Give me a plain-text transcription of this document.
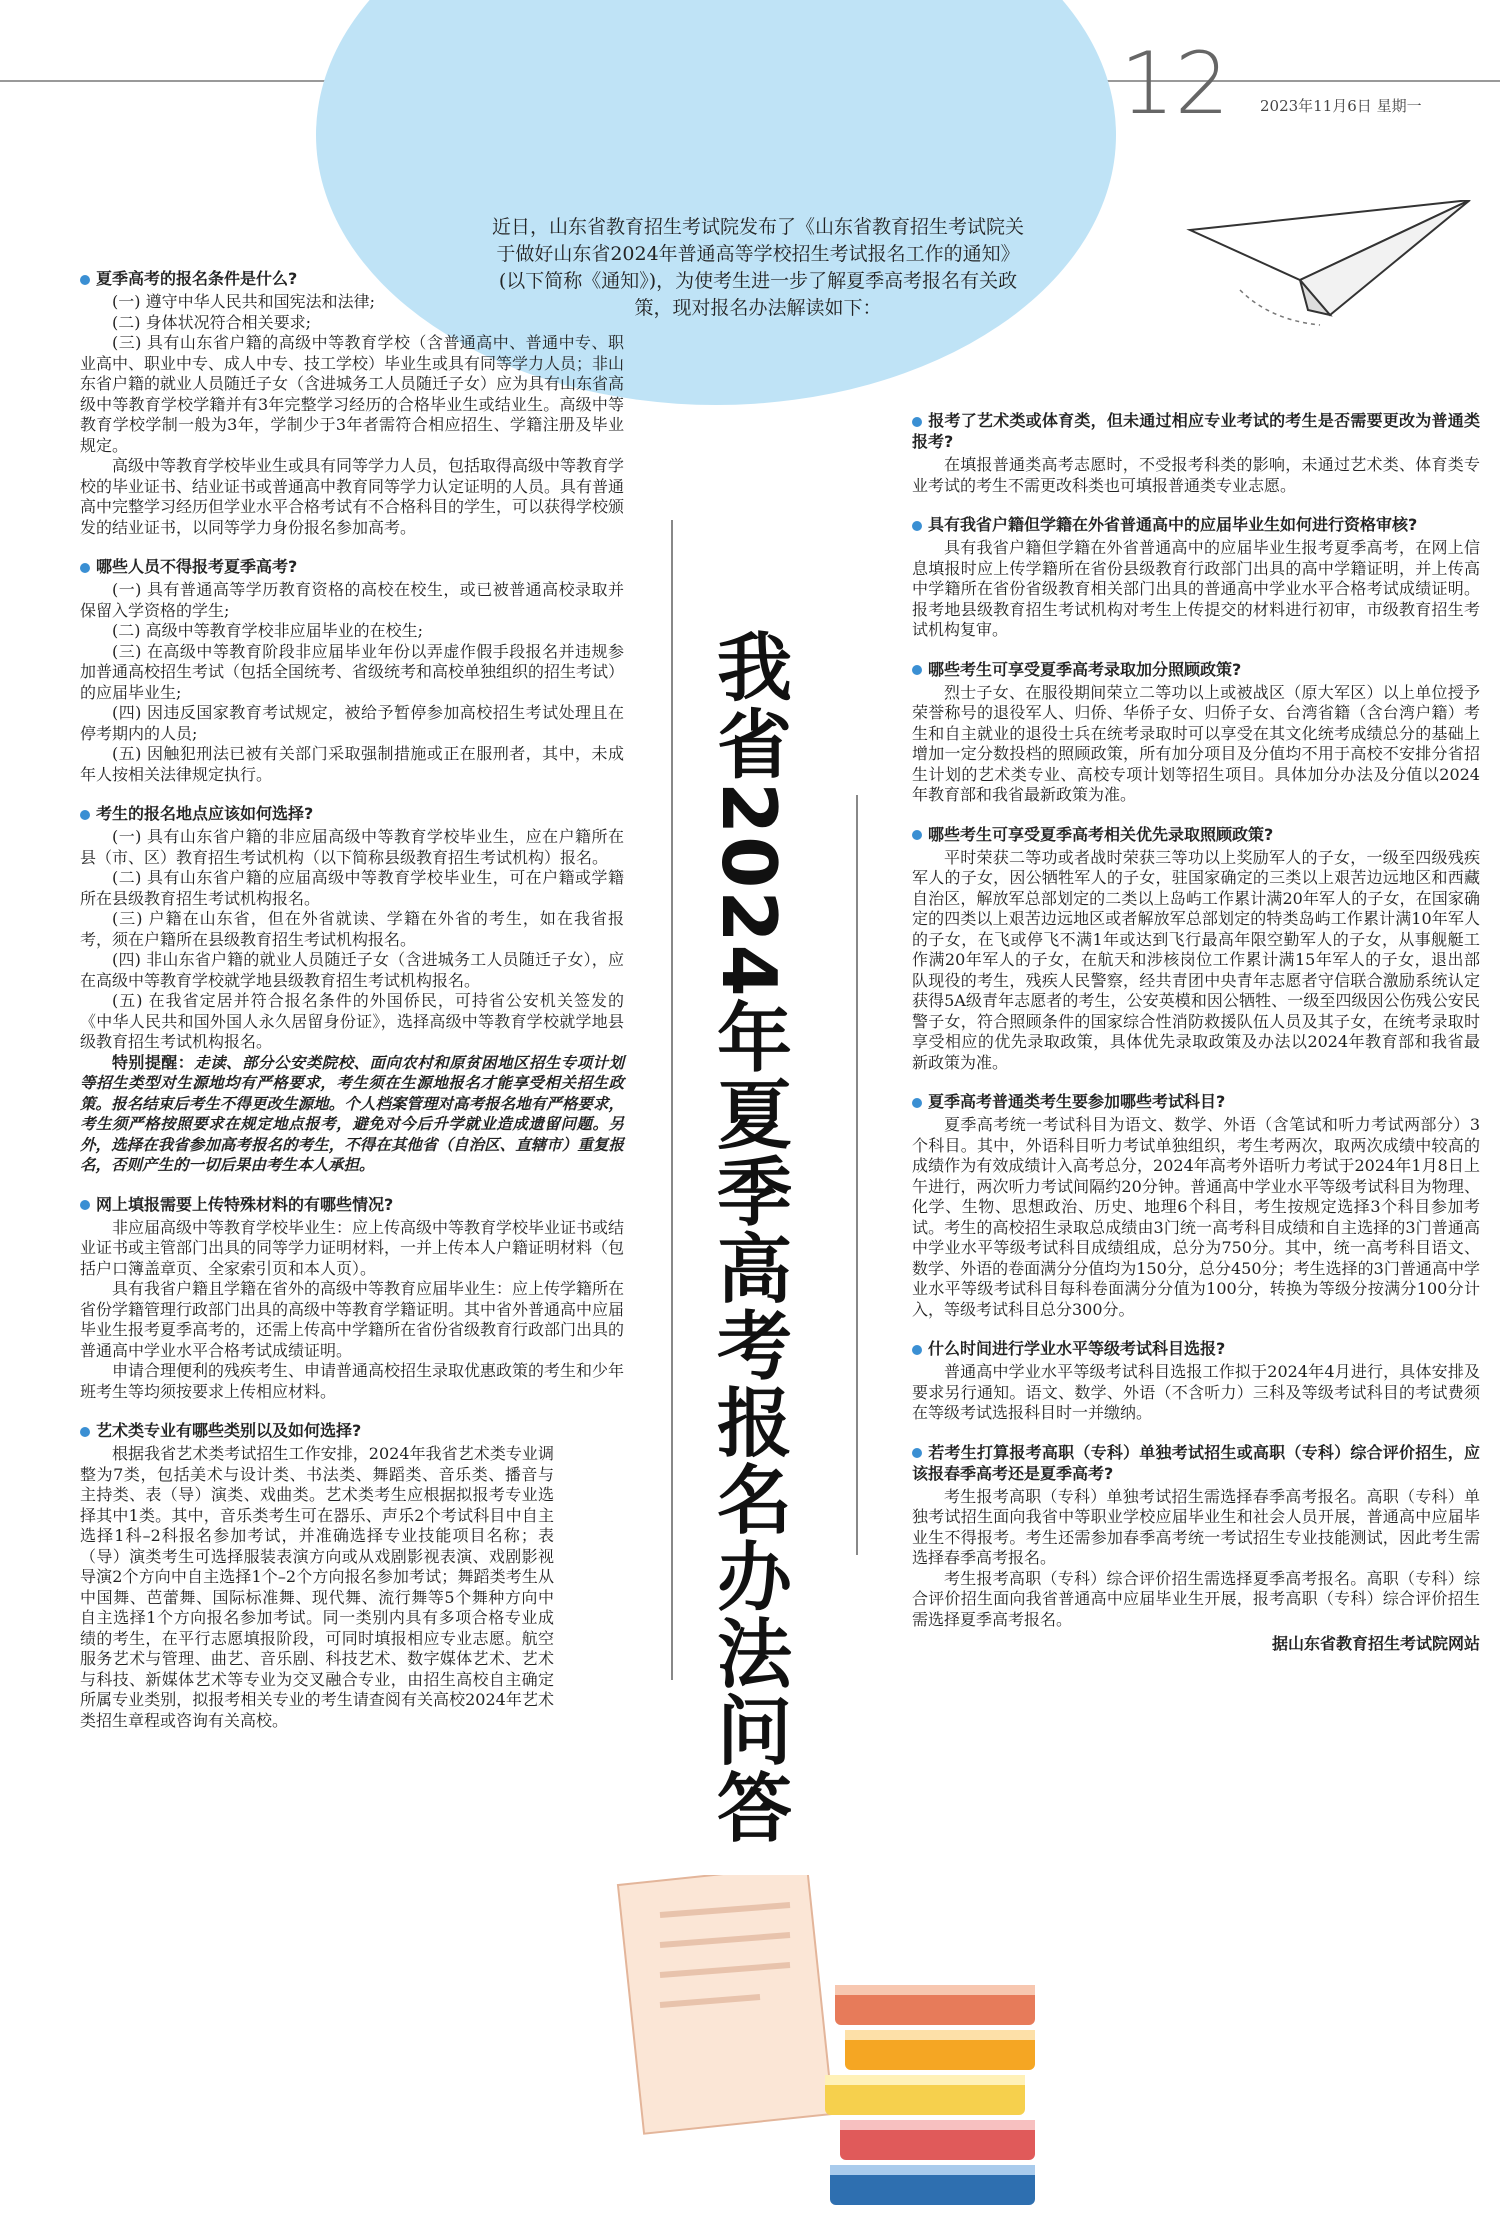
12 2023年11月6日 星期一
近日，山东省教育招生考试院发布了《山东省教育招生考试院关于做好山东省2024年普通高等学校招生考试报名工作的通知》(以下简称《通知》)，为使考生进一步了解夏季高考报名有关政策，现对报名办法解读如下：
我省2024年夏季高考报名办法问答
夏季高考的报名条件是什么?

(一) 遵守中华人民共和国宪法和法律;

(二) 身体状况符合相关要求;

(三) 具有山东省户籍的高级中等教育学校（含普通高中、普通中专、职业高中、职业中专、成人中专、技工学校）毕业生或具有同等学力人员；非山东省户籍的就业人员随迁子女（含进城务工人员随迁子女）应为具有山东省高级中等教育学校学籍并有3年完整学习经历的合格毕业生或结业生。高级中等教育学校学制一般为3年，学制少于3年者需符合相应招生、学籍注册及毕业规定。

高级中等教育学校毕业生或具有同等学力人员，包括取得高级中等教育学校的毕业证书、结业证书或普通高中教育同等学力认定证明的人员。具有普通高中完整学习经历但学业水平合格考试有不合格科目的学生，可以获得学校颁发的结业证书，以同等学力身份报名参加高考。

哪些人员不得报考夏季高考?

(一) 具有普通高等学历教育资格的高校在校生，或已被普通高校录取并保留入学资格的学生;

(二) 高级中等教育学校非应届毕业的在校生;

(三) 在高级中等教育阶段非应届毕业年份以弄虚作假手段报名并违规参加普通高校招生考试（包括全国统考、省级统考和高校单独组织的招生考试）的应届毕业生;

(四) 因违反国家教育考试规定，被给予暂停参加高校招生考试处理且在停考期内的人员;

(五) 因触犯刑法已被有关部门采取强制措施或正在服刑者，其中，未成年人按相关法律规定执行。

考生的报名地点应该如何选择?

(一) 具有山东省户籍的非应届高级中等教育学校毕业生，应在户籍所在县（市、区）教育招生考试机构（以下简称县级教育招生考试机构）报名。

(二) 具有山东省户籍的应届高级中等教育学校毕业生，可在户籍或学籍所在县级教育招生考试机构报名。

(三) 户籍在山东省，但在外省就读、学籍在外省的考生，如在我省报考，须在户籍所在县级教育招生考试机构报名。

(四) 非山东省户籍的就业人员随迁子女（含进城务工人员随迁子女），应在高级中等教育学校就学地县级教育招生考试机构报名。

(五) 在我省定居并符合报名条件的外国侨民，可持省公安机关签发的《中华人民共和国外国人永久居留身份证》，选择高级中等教育学校就学地县级教育招生考试机构报名。

特别提醒：走读、部分公安类院校、面向农村和原贫困地区招生专项计划等招生类型对生源地均有严格要求，考生须在生源地报名才能享受相关招生政策。报名结束后考生不得更改生源地。个人档案管理对高考报名地有严格要求，考生须严格按照要求在规定地点报考，避免对今后升学就业造成遗留问题。另外，选择在我省参加高考报名的考生，不得在其他省（自治区、直辖市）重复报名，否则产生的一切后果由考生本人承担。

网上填报需要上传特殊材料的有哪些情况?

非应届高级中等教育学校毕业生：应上传高级中等教育学校毕业证书或结业证书或主管部门出具的同等学力证明材料，一并上传本人户籍证明材料（包括户口簿盖章页、全家索引页和本人页）。

具有我省户籍且学籍在省外的高级中等教育应届毕业生：应上传学籍所在省份学籍管理行政部门出具的高级中等教育学籍证明。其中省外普通高中应届毕业生报考夏季高考的，还需上传高中学籍所在省份省级教育行政部门出具的普通高中学业水平合格考试成绩证明。

申请合理便利的残疾考生、申请普通高校招生录取优惠政策的考生和少年班考生等均须按要求上传相应材料。

艺术类专业有哪些类别以及如何选择?

根据我省艺术类考试招生工作安排，2024年我省艺术类专业调整为7类，包括美术与设计类、书法类、舞蹈类、音乐类、播音与主持类、表（导）演类、戏曲类。艺术类考生应根据拟报考专业选择其中1类。其中，音乐类考生可在器乐、声乐2个考试科目中自主选择1科–2科报名参加考试，并准确选择专业技能项目名称；表（导）演类考生可选择服装表演方向或从戏剧影视表演、戏剧影视导演2个方向中自主选择1个–2个方向报名参加考试；舞蹈类考生从中国舞、芭蕾舞、国际标准舞、现代舞、流行舞等5个舞种方向中自主选择1个方向报名参加考试。同一类别内具有多项合格专业成绩的考生，在平行志愿填报阶段，可同时填报相应专业志愿。航空服务艺术与管理、曲艺、音乐剧、科技艺术、数字媒体艺术、艺术与科技、新媒体艺术等专业为交叉融合专业，由招生高校自主确定所属专业类别，拟报考相关专业的考生请查阅有关高校2024年艺术类招生章程或咨询有关高校。

报考了艺术类或体育类，但未通过相应专业考试的考生是否需要更改为普通类报考?

在填报普通类高考志愿时，不受报考科类的影响，未通过艺术类、体育类专业考试的考生不需更改科类也可填报普通类专业志愿。

具有我省户籍但学籍在外省普通高中的应届毕业生如何进行资格审核?

具有我省户籍但学籍在外省普通高中的应届毕业生报考夏季高考，在网上信息填报时应上传学籍所在省份县级教育行政部门出具的高中学籍证明，并上传高中学籍所在省份省级教育相关部门出具的普通高中学业水平合格考试成绩证明。报考地县级教育招生考试机构对考生上传提交的材料进行初审，市级教育招生考试机构复审。

哪些考生可享受夏季高考录取加分照顾政策?

烈士子女、在服役期间荣立二等功以上或被战区（原大军区）以上单位授予荣誉称号的退役军人、归侨、华侨子女、归侨子女、台湾省籍（含台湾户籍）考生和自主就业的退役士兵在统考录取时可以享受在其文化统考成绩总分的基础上增加一定分数投档的照顾政策，所有加分项目及分值均不用于高校不安排分省招生计划的艺术类专业、高校专项计划等招生项目。具体加分办法及分值以2024年教育部和我省最新政策为准。

哪些考生可享受夏季高考相关优先录取照顾政策?

平时荣获二等功或者战时荣获三等功以上奖励军人的子女，一级至四级残疾军人的子女，因公牺牲军人的子女，驻国家确定的三类以上艰苦边远地区和西藏自治区，解放军总部划定的二类以上岛屿工作累计满20年军人的子女，在国家确定的四类以上艰苦边远地区或者解放军总部划定的特类岛屿工作累计满10年军人的子女，在飞或停飞不满1年或达到飞行最高年限空勤军人的子女，从事舰艇工作满20年军人的子女，在航天和涉核岗位工作累计满15年军人的子女，退出部队现役的考生，残疾人民警察，经共青团中央青年志愿者守信联合激励系统认定获得5A级青年志愿者的考生，公安英模和因公牺牲、一级至四级因公伤残公安民警子女，符合照顾条件的国家综合性消防救援队伍人员及其子女，在统考录取时享受相应的优先录取政策，具体优先录取政策及办法以2024年教育部和我省最新政策为准。

夏季高考普通类考生要参加哪些考试科目?

夏季高考统一考试科目为语文、数学、外语（含笔试和听力考试两部分）3个科目。其中，外语科目听力考试单独组织，考生考两次，取两次成绩中较高的成绩作为有效成绩计入高考总分，2024年高考外语听力考试于2024年1月8日上午进行，两次听力考试间隔约20分钟。普通高中学业水平等级考试科目为物理、化学、生物、思想政治、历史、地理6个科目，考生按规定选择3个科目参加考试。考生的高校招生录取总成绩由3门统一高考科目成绩和自主选择的3门普通高中学业水平等级考试科目成绩组成，总分为750分。其中，统一高考科目语文、数学、外语的卷面满分分值均为150分，总分450分；考生选择的3门普通高中学业水平等级考试科目每科卷面满分分值为100分，转换为等级分按满分100分计入，等级考试科目总分300分。

什么时间进行学业水平等级考试科目选报?

普通高中学业水平等级考试科目选报工作拟于2024年4月进行，具体安排及要求另行通知。语文、数学、外语（不含听力）三科及等级考试科目的考试费须在等级考试选报科目时一并缴纳。

若考生打算报考高职（专科）单独考试招生或高职（专科）综合评价招生，应该报春季高考还是夏季高考?

考生报考高职（专科）单独考试招生需选择春季高考报名。高职（专科）单独考试招生面向我省中等职业学校应届毕业生和社会人员开展，普通高中应届毕业生不得报考。考生还需参加春季高考统一考试招生专业技能测试，因此考生需选择春季高考报名。

考生报考高职（专科）综合评价招生需选择夏季高考报名。高职（专科）综合评价招生面向我省普通高中应届毕业生开展，报考高职（专科）综合评价招生需选择夏季高考报名。

据山东省教育招生考试院网站
